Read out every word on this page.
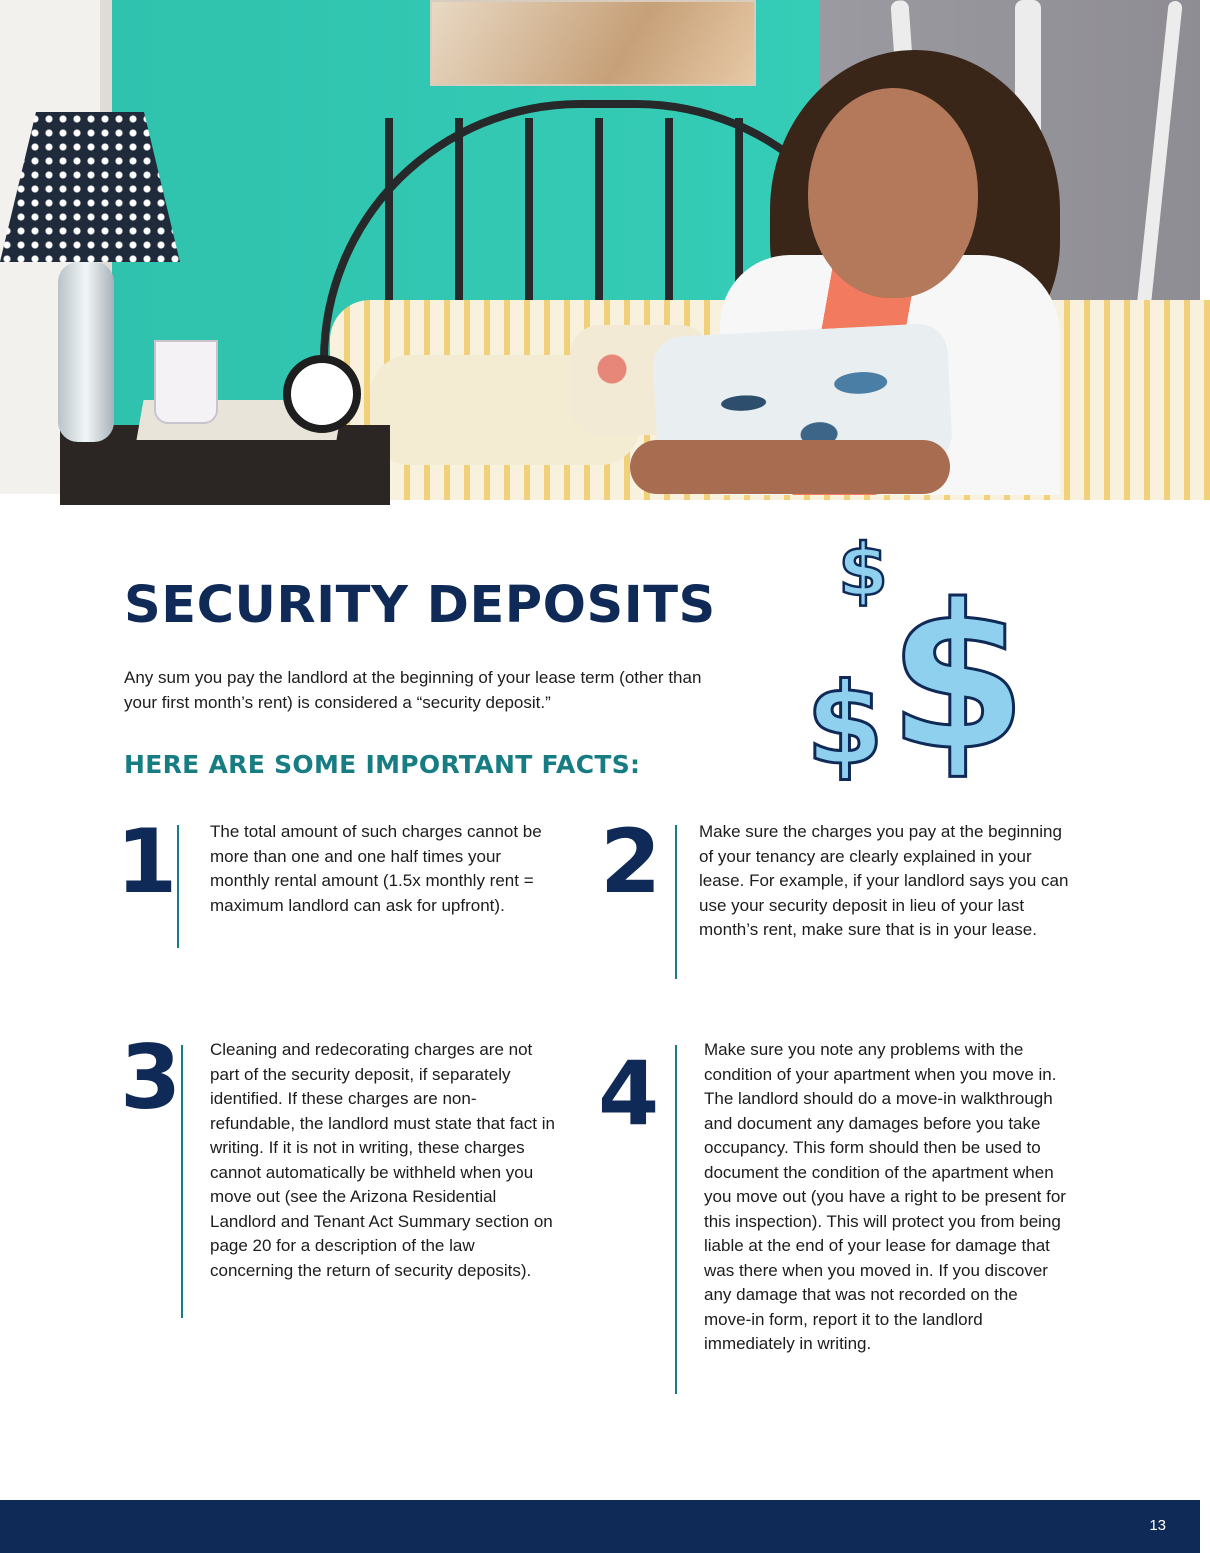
SECURITY DEPOSITS

Any sum you pay the landlord at the beginning of your lease term (other than your first month’s rent) is considered a “security deposit.”

HERE ARE SOME IMPORTANT FACTS:
$ $
$
1 The total amount of such charges cannot be more than one and one half times your monthly rental amount (1.5x monthly rent = maximum landlord can ask for upfront).	2 Make sure the charges you pay at the beginning of your tenancy are clearly explained in your lease. For example, if your landlord says you can use your security deposit in lieu of your last month’s rent, make sure that is in your lease.

3 Cleaning and redecorating charges are not part of the security deposit, if separately identified. If these charges are non-refundable, the landlord must state that fact in writing. If it is not in writing, these charges cannot automatically be withheld when you move out (see the Arizona Residential Landlord and Tenant Act Summary section on page 20 for a description of the law concerning the return of security deposits).

4	Make sure you note any problems with the condition of your apartment when you move in. The landlord should do a move-in walkthrough and document any damages before you take occupancy. This form should then be used to document the condition of the apartment when you move out (you have a right to be present for this inspection). This will protect you from being liable at the end of your lease for damage that was there when you moved in. If you discover any damage that was not recorded on the move-in form, report it to the landlord immediately in writing.

13
